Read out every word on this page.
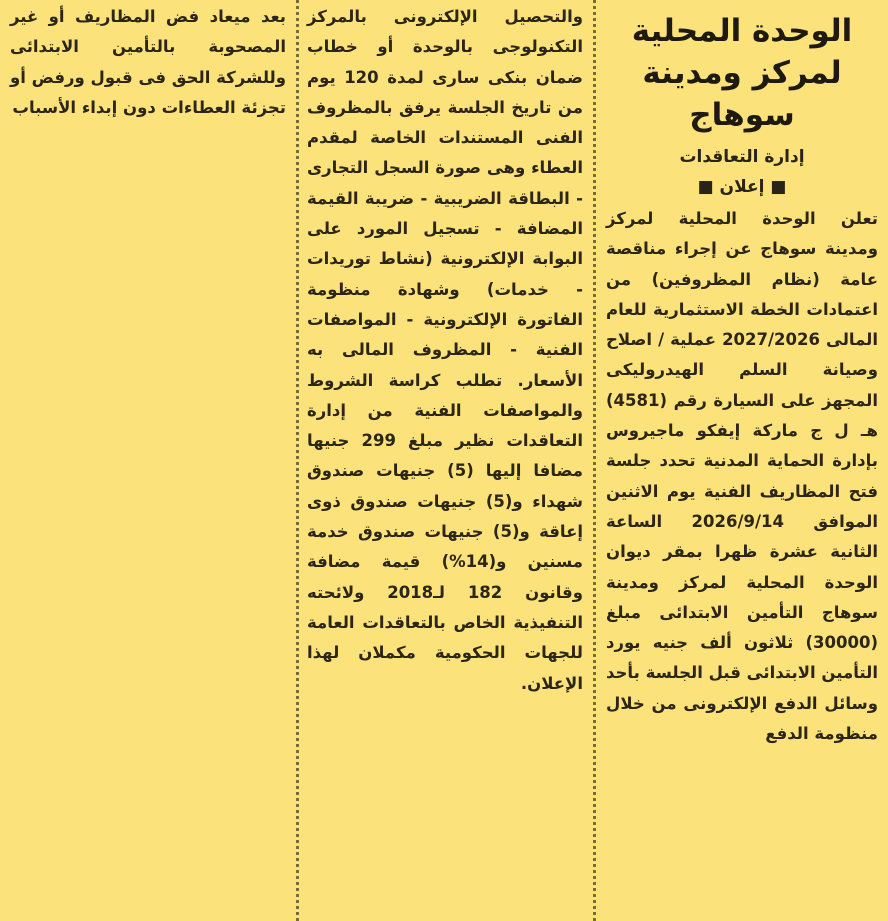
الوحدة المحلية لمركز ومدينة سوهاج
إدارة التعاقدات
■ إعلان ■

تعلن الوحدة المحلية لمركز ومدينة سوهاج عن إجراء مناقصة عامة (نظام المظروفين) من اعتمادات الخطة الاستثمارية للعام المالى 2027/2026 عملية / اصلاح وصيانة السلم الهيدروليكى المجهز على السيارة رقم (4581) هـ ل ج ماركة إيفكو ماجيروس بإدارة الحماية المدنية تحدد جلسة فتح المظاريف الفنية يوم الاثنين الموافق 2026/9/14 الساعة الثانية عشرة ظهرا بمقر ديوان الوحدة المحلية لمركز ومدينة سوهاج التأمين الابتدائى مبلغ (30000) ثلاثون ألف جنيه يورد التأمين الابتدائى قبل الجلسة بأحد وسائل الدفع الإلكترونى من خلال منظومة الدفع

والتحصيل الإلكترونى بالمركز التكنولوجى بالوحدة أو خطاب ضمان بنكى سارى لمدة 120 يوم من تاريخ الجلسة يرفق بالمظروف الفنى المستندات الخاصة لمقدم العطاء وهى صورة السجل التجارى - البطاقة الضريبية - ضريبة القيمة المضافة - تسجيل المورد على البوابة الإلكترونية (نشاط توريدات - خدمات) وشهادة منظومة الفاتورة الإلكترونية - المواصفات الفنية - المظروف المالى به الأسعار. تطلب كراسة الشروط والمواصفات الفنية من إدارة التعاقدات نظير مبلغ 299 جنيها مضافا إليها (5) جنيهات صندوق شهداء و(5) جنيهات صندوق ذوى إعاقة و(5) جنيهات صندوق خدمة مسنين و(14%) قيمة مضافة وقانون 182 لـ2018 ولائحته التنفيذية الخاص بالتعاقدات العامة للجهات الحكومية مكملان لهذا الإعلان.

بعد ميعاد فض المظاريف أو غير المصحوبة بالتأمين الابتدائى وللشركة الحق فى قبول ورفض أو تجزئة العطاءات دون إبداء الأسباب
